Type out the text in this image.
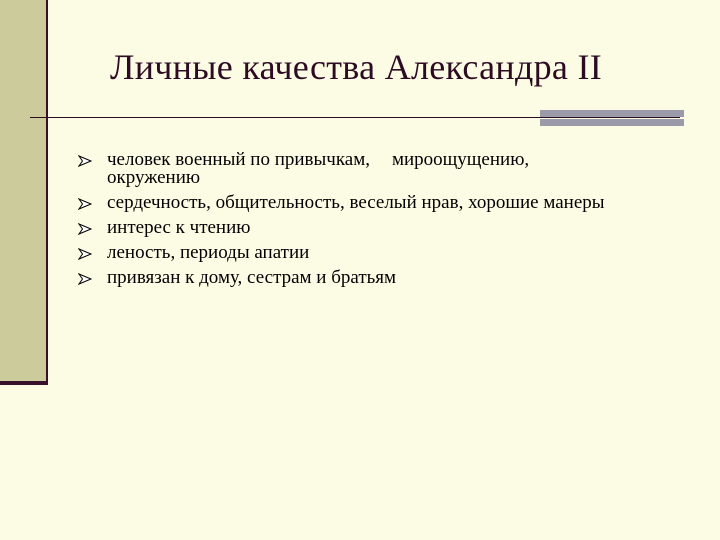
Личные качества Александра II
человек военный по привычкам, мироощущению,
окружению
сердечность, общительность, веселый нрав, хорошие манеры
интерес к чтению
леность, периоды апатии
привязан к дому, сестрам и братьям
